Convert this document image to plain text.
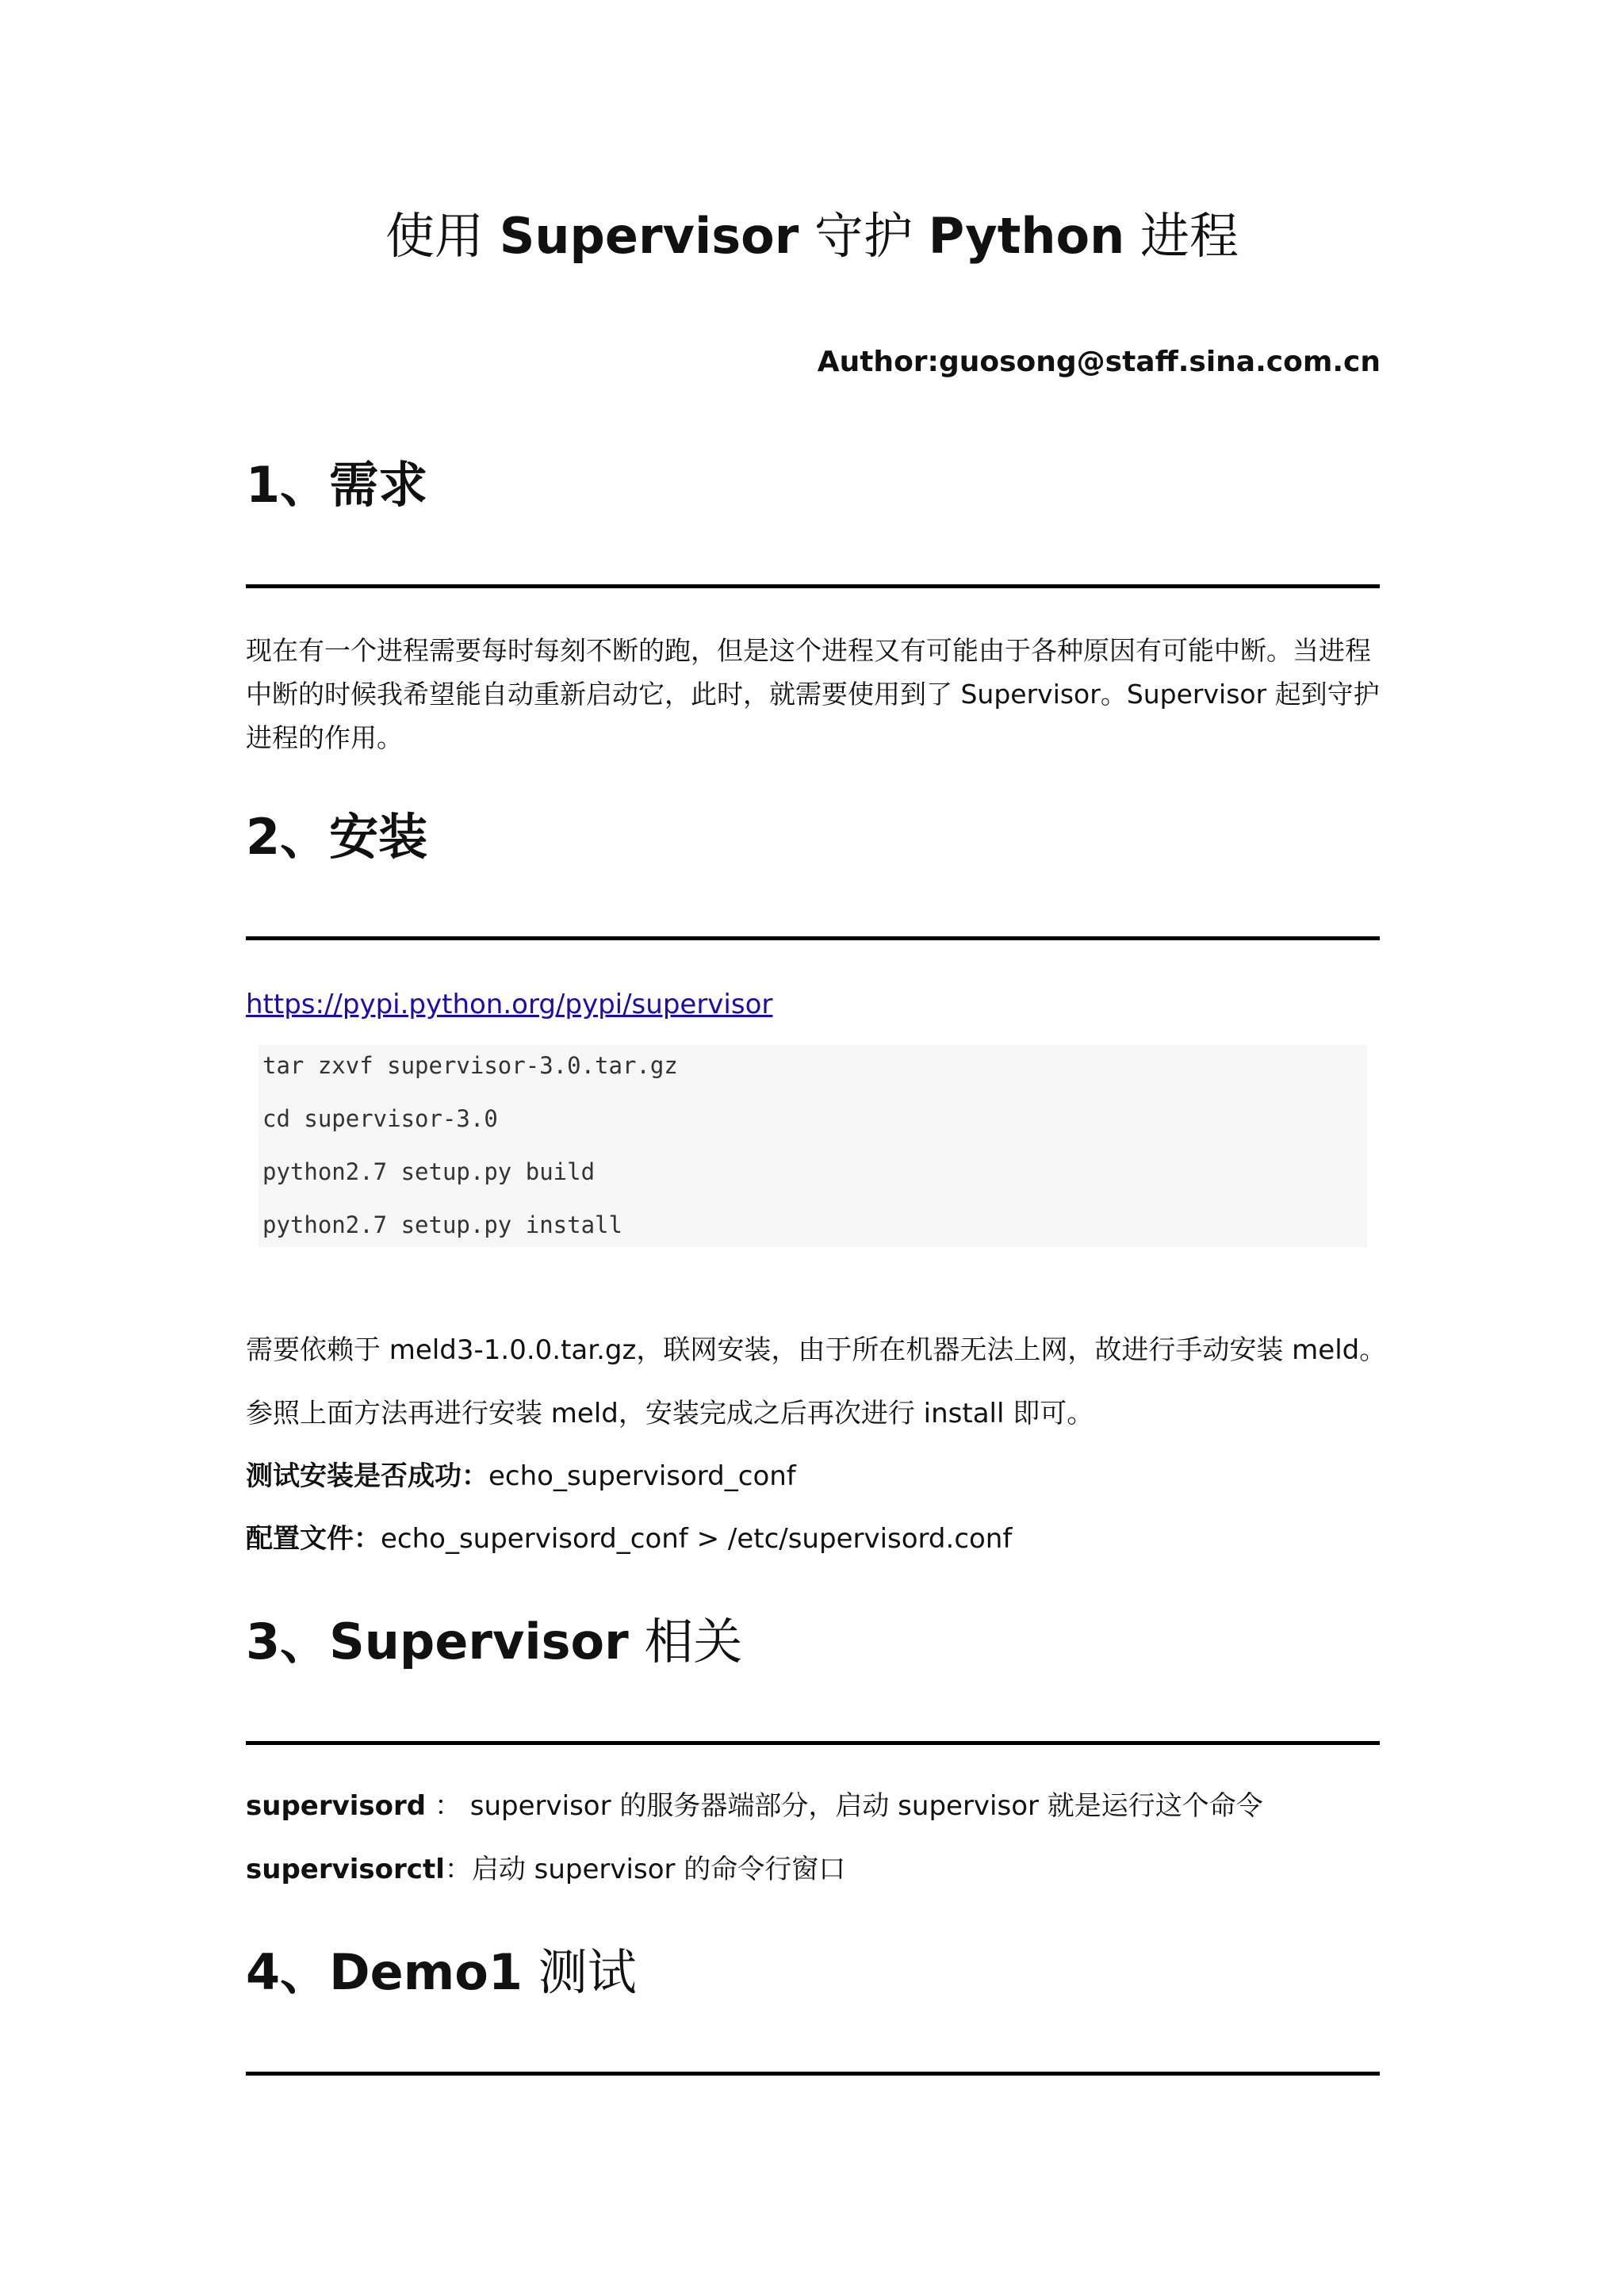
使用 Supervisor 守护 Python 进程
Author:guosong@staff.sina.com.cn
1、需求
现在有一个进程需要每时每刻不断的跑，但是这个进程又有可能由于各种原因有可能中断。当进程中断的时候我希望能自动重新启动它，此时，就需要使用到了 Supervisor。Supervisor 起到守护进程的作用。
2、安装
https://pypi.python.org/pypi/supervisor
tar zxvf supervisor-3.0.tar.gz
cd supervisor-3.0
python2.7 setup.py build
python2.7 setup.py install
需要依赖于 meld3-1.0.0.tar.gz，联网安装，由于所在机器无法上网，故进行手动安装 meld。
参照上面方法再进行安装 meld，安装完成之后再次进行 install 即可。
测试安装是否成功：echo_supervisord_conf
配置文件：echo_supervisord_conf > /etc/supervisord.conf
3、Supervisor 相关
supervisord ： supervisor 的服务器端部分，启动 supervisor 就是运行这个命令
supervisorctl：启动 supervisor 的命令行窗口
4、Demo1 测试
